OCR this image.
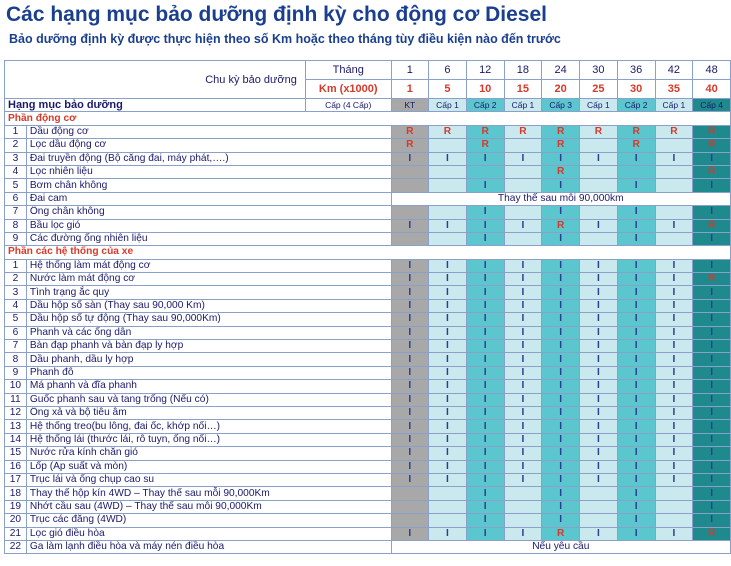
Các hạng mục bảo dưỡng định kỳ cho động cơ Diesel
Bảo dưỡng định kỳ được thực hiện theo số Km hoặc theo tháng tùy điều kiện nào đến trước
Chu kỳ bảo dưỡng		Tháng	1	6	12	18	24	30	36	42	48
		Km (x1000)	1	5	10	15	20	25	30	35	40
Hạng mục bảo dưỡng		Cấp (4 Cấp)	KT	Cấp 1	Cấp 2	Cấp 1	Cấp 3	Cấp 1	Cấp 2	Cấp 1	Cấp 4
Phần động cơ											
1	Dầu động cơ		R	R	R	R	R	R	R	R	R
2	Lọc dầu động cơ		R		R		R		R		R
3	Đai truyền động (Bộ căng đai, máy phát,….)		I	I	I	I	I	I	I	I	I
4	Lọc nhiên liệu						R				R
5	Bơm chân không				I		I		I		I
6	Đai cam		Thay thế sau mỗi 90,000km								
7	Ống chân không				I		I		I		I
8	Bầu lọc gió		I	I	I	I	R	I	I	I	R
9	Các đường ống nhiên liệu				I		I		I		I
Phần các hệ thống của xe											
1	Hệ thống làm mát động cơ		I	I	I	I	I	I	I	I	I
2	Nước làm mát động cơ		I	I	I	I	I	I	I	I	R
3	Tình trạng ắc quy		I	I	I	I	I	I	I	I	I
4	Dầu hộp số sàn (Thay sau 90,000 Km)		I	I	I	I	I	I	I	I	I
5	Dầu hộp số tự động (Thay sau 90,000Km)		I	I	I	I	I	I	I	I	I
6	Phanh và các ống dẫn		I	I	I	I	I	I	I	I	I
7	Bàn đạp phanh và bàn đạp ly hợp		I	I	I	I	I	I	I	I	I
8	Dầu phanh, dầu ly hợp		I	I	I	I	I	I	I	I	I
9	Phanh đỗ		I	I	I	I	I	I	I	I	I
10	Má phanh và đĩa phanh		I	I	I	I	I	I	I	I	I
11	Guốc phanh sau và tang trống (Nếu có)		I	I	I	I	I	I	I	I	I
12	Ống xả và bộ tiêu âm		I	I	I	I	I	I	I	I	I
13	Hệ thống treo(bu lông, đai ốc, khớp nối…)		I	I	I	I	I	I	I	I	I
14	Hệ thống lái (thước lái, rô tuyn, ống nối…)		I	I	I	I	I	I	I	I	I
15	Nước rửa kính chắn gió		I	I	I	I	I	I	I	I	I
16	Lốp (Áp suất và mòn)		I	I	I	I	I	I	I	I	I
17	Trục lái và ống chụp cao su		I	I	I	I	I	I	I	I	I
18	Thay thế hộp kín 4WD – Thay thế sau mỗi 90,000Km				I		I		I		I
19	Nhớt cầu sau (4WD) – Thay thế sau mỗi 90,000Km				I		I		I		I
20	Trục các đăng (4WD)				I		I		I		I
21	Lọc gió điều hòa		I	I	I	I	R	I	I	I	R
22	Ga làm lạnh điều hòa và máy nén điều hòa		Nếu yêu cầu								
